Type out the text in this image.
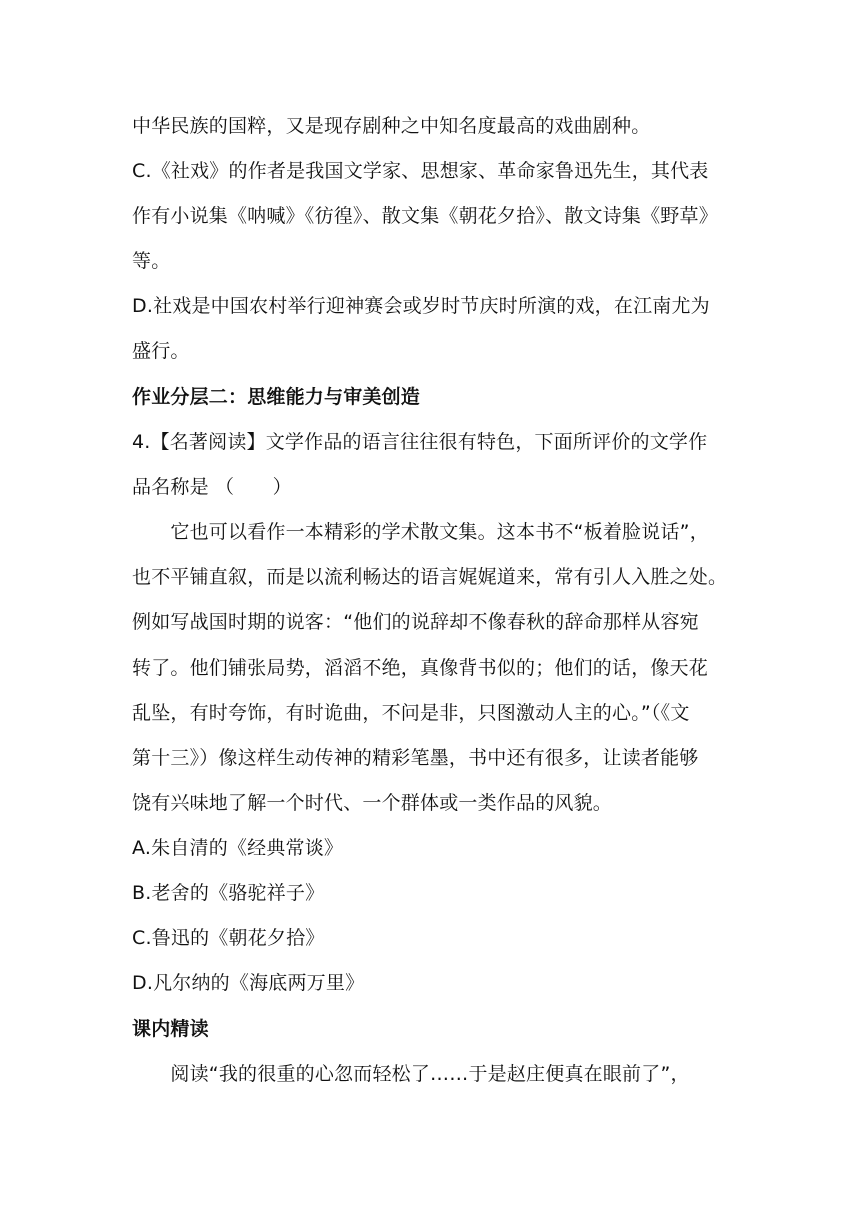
中华民族的国粹，又是现存剧种之中知名度最高的戏曲剧种。
C.《社戏》的作者是我国文学家、思想家、革命家鲁迅先生，其代表
作有小说集《呐喊》《彷徨》、散文集《朝花夕拾》、散文诗集《野草》
等。
D.社戏是中国农村举行迎神赛会或岁时节庆时所演的戏，在江南尤为
盛行。
作业分层二：思维能力与审美创造
4.【名著阅读】文学作品的语言往往很有特色，下面所评价的文学作
品名称是 （　　）
　　它也可以看作一本精彩的学术散文集。这本书不“板着脸说话”，
也不平铺直叙，而是以流利畅达的语言娓娓道来，常有引人入胜之处。
例如写战国时期的说客：“他们的说辞却不像春秋的辞命那样从容宛
转了。他们铺张局势，滔滔不绝，真像背书似的；他们的话，像天花
乱坠，有时夸饰，有时诡曲，不问是非，只图激动人主的心。”（《文
第十三》）像这样生动传神的精彩笔墨，书中还有很多，让读者能够
饶有兴味地了解一个时代、一个群体或一类作品的风貌。
A.朱自清的《经典常谈》
B.老舍的《骆驼祥子》
C.鲁迅的《朝花夕拾》
D.凡尔纳的《海底两万里》
课内精读
　　阅读“我的很重的心忽而轻松了……于是赵庄便真在眼前了”，
